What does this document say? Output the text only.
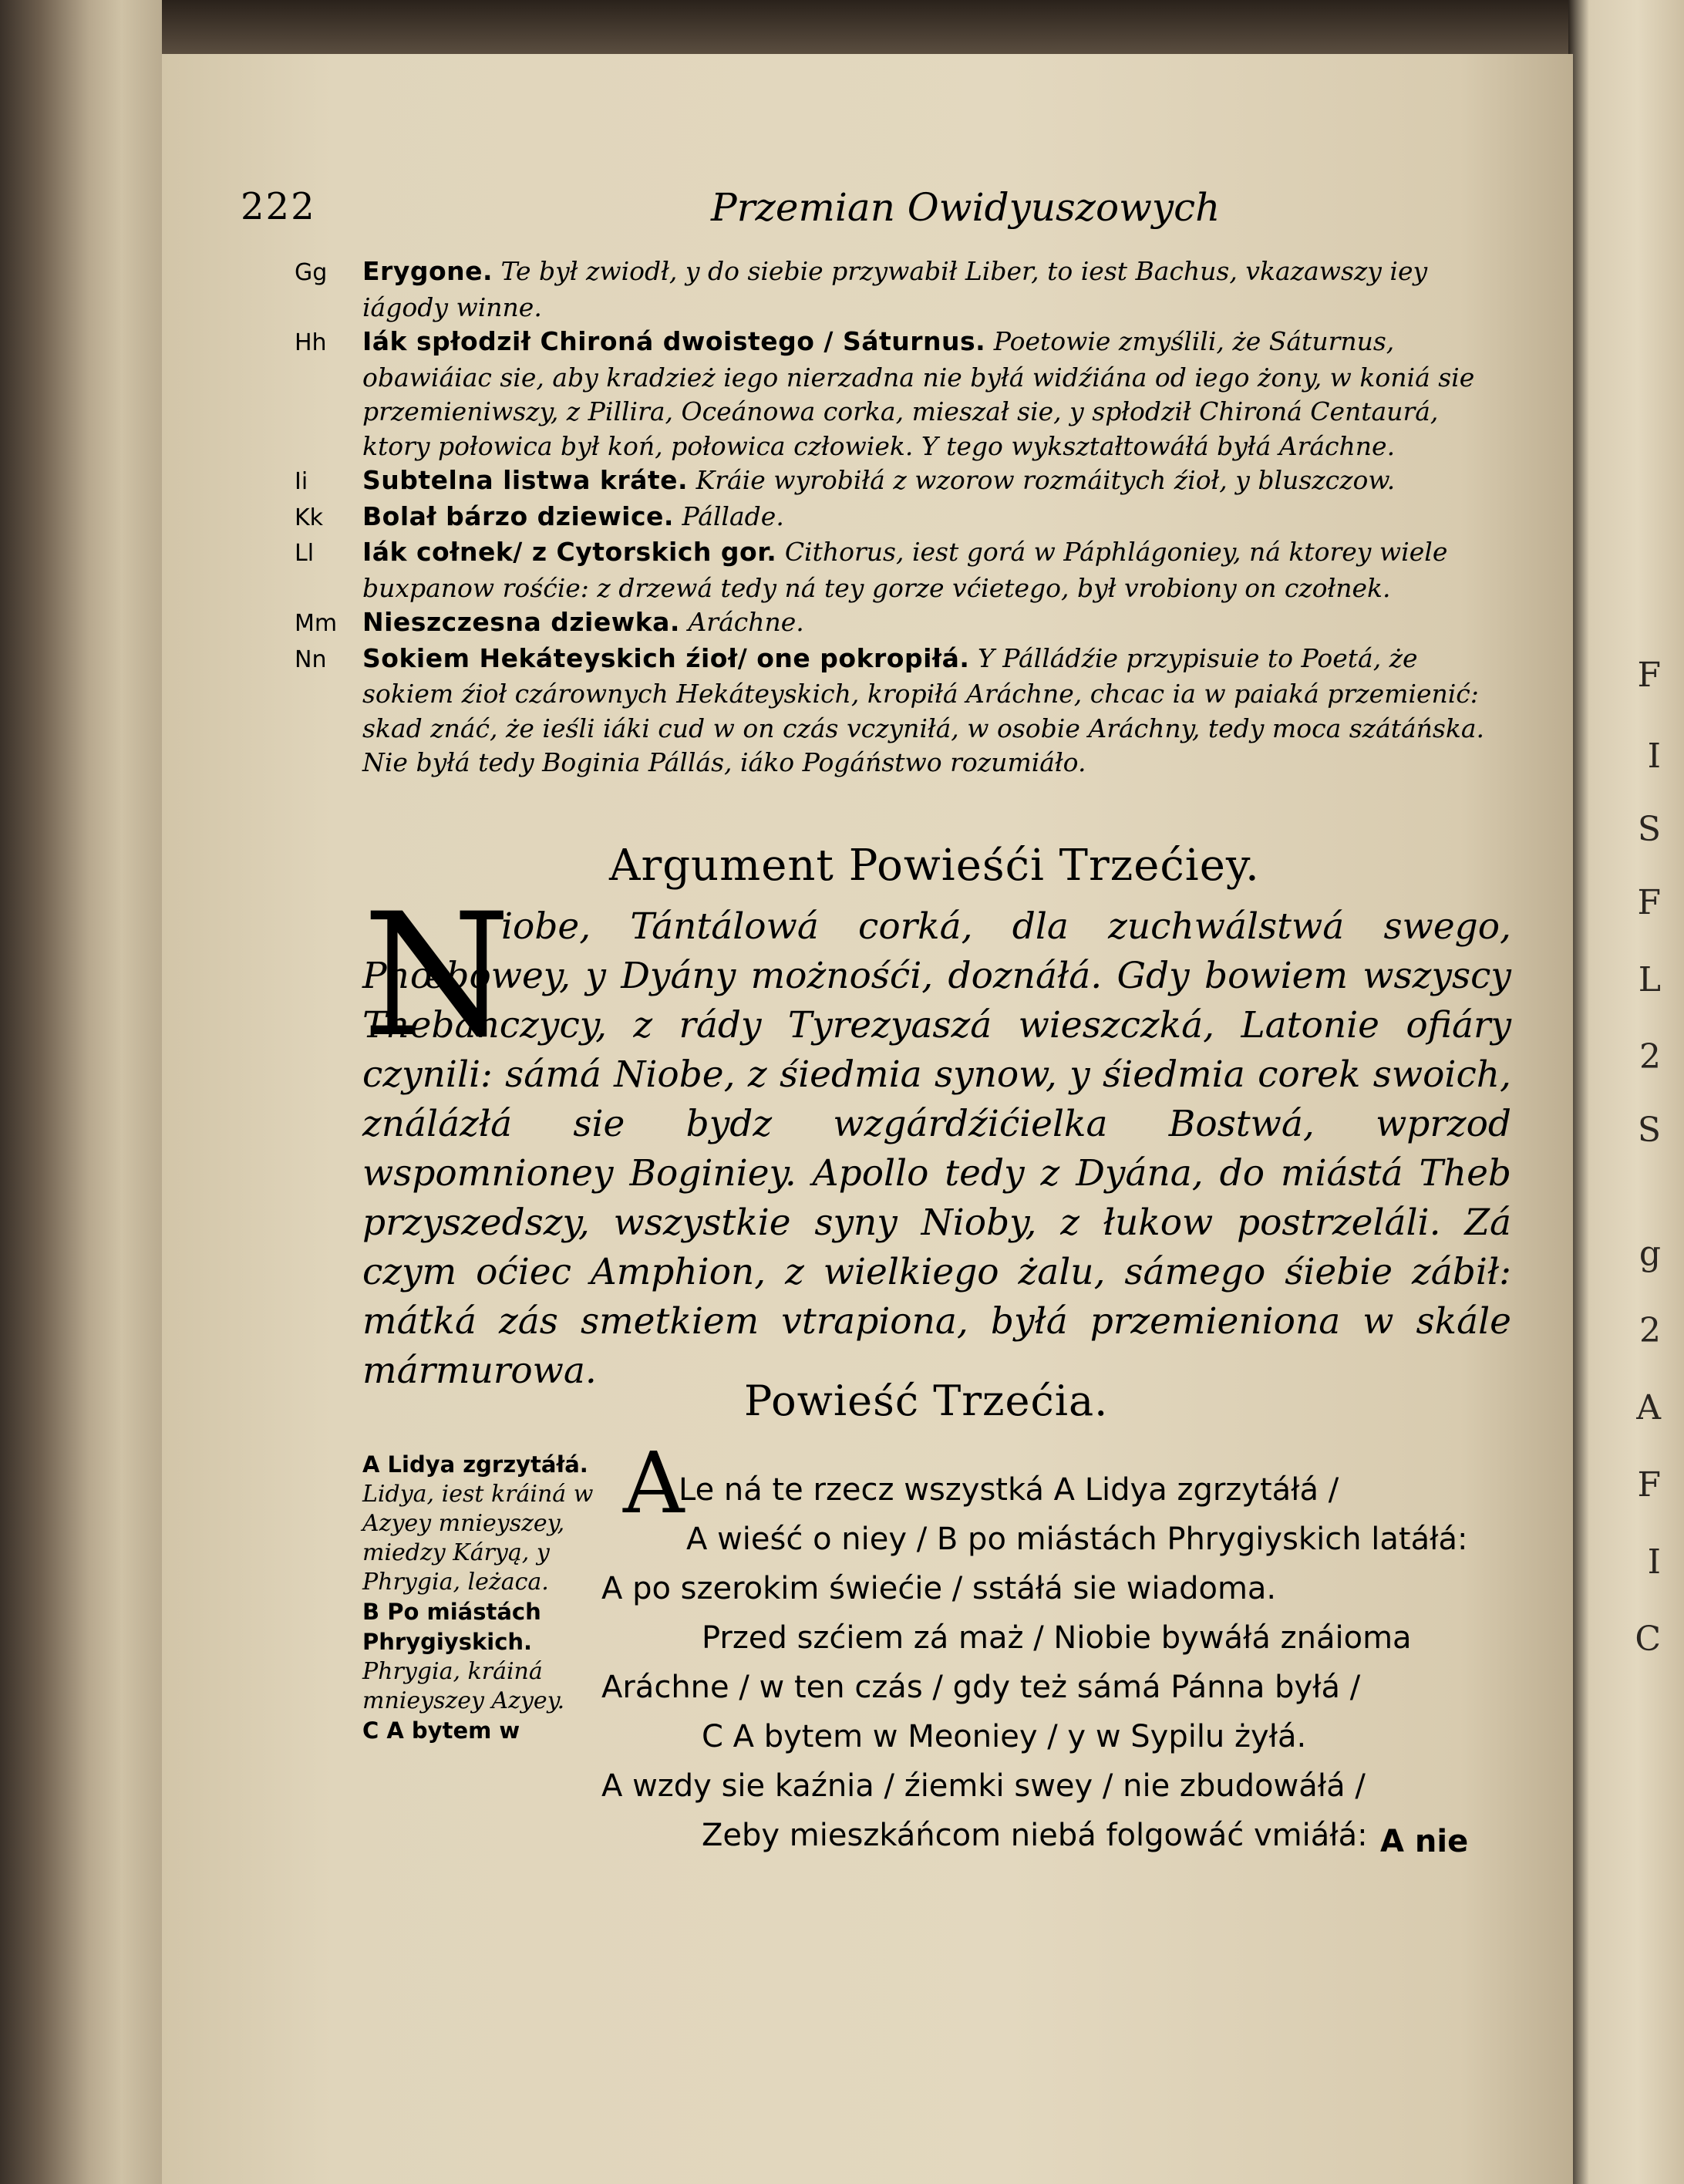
F
I
S
F
L
2
S
g
2
A
F
I
C
222	Przemian Owidyuszowych

Gg Erygone. Te był zwiodł, y do siebie przywabił Liber, to iest Bachus, vkazawszy iey iágody winne.

Hh Iák spłodził Chironá dwoistego / Sáturnus. Poetowie zmyślili, że Sáturnus, obawiáiac sie, aby kradzież iego nierzadna nie byłá widźiána od iego żony, w koniá sie przemieniwszy, z Pillira, Oceánowa corka, mieszał sie, y spłodził Chironá Centaurá, ktory połowica był koń, połowica człowiek. Y tego wykształtowáłá byłá Aráchne.

Ii Subtelna listwa kráte. Kráie wyrobiłá z wzorow rozmáitych źioł, y bluszczow.

Kk Bolał bárzo dziewice. Pállade.

Ll Iák cołnek/ z Cytorskich gor. Cithorus, iest gorá w Páphlágoniey, ná ktorey wiele buxpanow rośćie: z drzewá tedy ná tey gorze vćietego, był vrobiony on czołnek.

Mm Nieszczesna dziewka. Aráchne.

Nn Sokiem Hekáteyskich źioł/ one pokropiłá. Y Pálládźie przypisuie to Poetá, że sokiem źioł czárownych Hekáteyskich, kropiłá Aráchne, chcac ia w paiaká przemienić: skad znáć, że ieśli iáki cud w on czás vczyniłá, w osobie Aráchny, tedy moca szátáńska. Nie byłá tedy Boginia Pállás, iáko Pogáństwo rozumiáło.

Argument Powieśći Trzećiey.
N
iobe, Tántálowá corká, dla zuchwálstwá swego, Phœbowey, y Dyány możnośći, doznáłá. Gdy bowiem wszyscy Thebánczycy, z rády Tyrezyaszá wieszczká, Latonie ofiáry czynili: sámá Niobe, z śiedmia synow, y śiedmia corek swoich, ználázłá sie bydz wzgárdźićielka Bostwá, wprzod wspomnioney Boginiey. Apollo tedy z Dyána, do miástá Theb przyszedszy, wszystkie syny Nioby, z łukow postrzeláli. Zá czym oćiec Amphion, z wielkiego żalu, sámego śiebie zábił: mátká zás smetkiem vtrapiona, byłá przemieniona w skále mármurowa.
Powieść Trzećia.
A Lidya zgrzytáłá. Lidya, iest kráiná w Azyey mnieyszey, miedzy Káryą, y Phrygia, leżaca.
B Po miástách Phrygiyskich. Phrygia, kráiná mnieyszey Azyey.
C A bytem w
A
Le ná te rzecz wszystká A Lidya zgrzytáłá /
A wieść o niey / B po miástách Phrygiyskich latáłá:
A po szerokim świećie / sstáłá sie wiadoma.
Przed szćiem zá maż / Niobie bywáłá znáioma
Aráchne / w ten czás / gdy też sámá Pánna byłá /
C A bytem w Meoniey / y w Sypilu żyłá.
A wzdy sie kaźnia / źiemki swey / nie zbudowáłá /
Zeby mieszkáńcom niebá folgowáć vmiáłá: A nie
